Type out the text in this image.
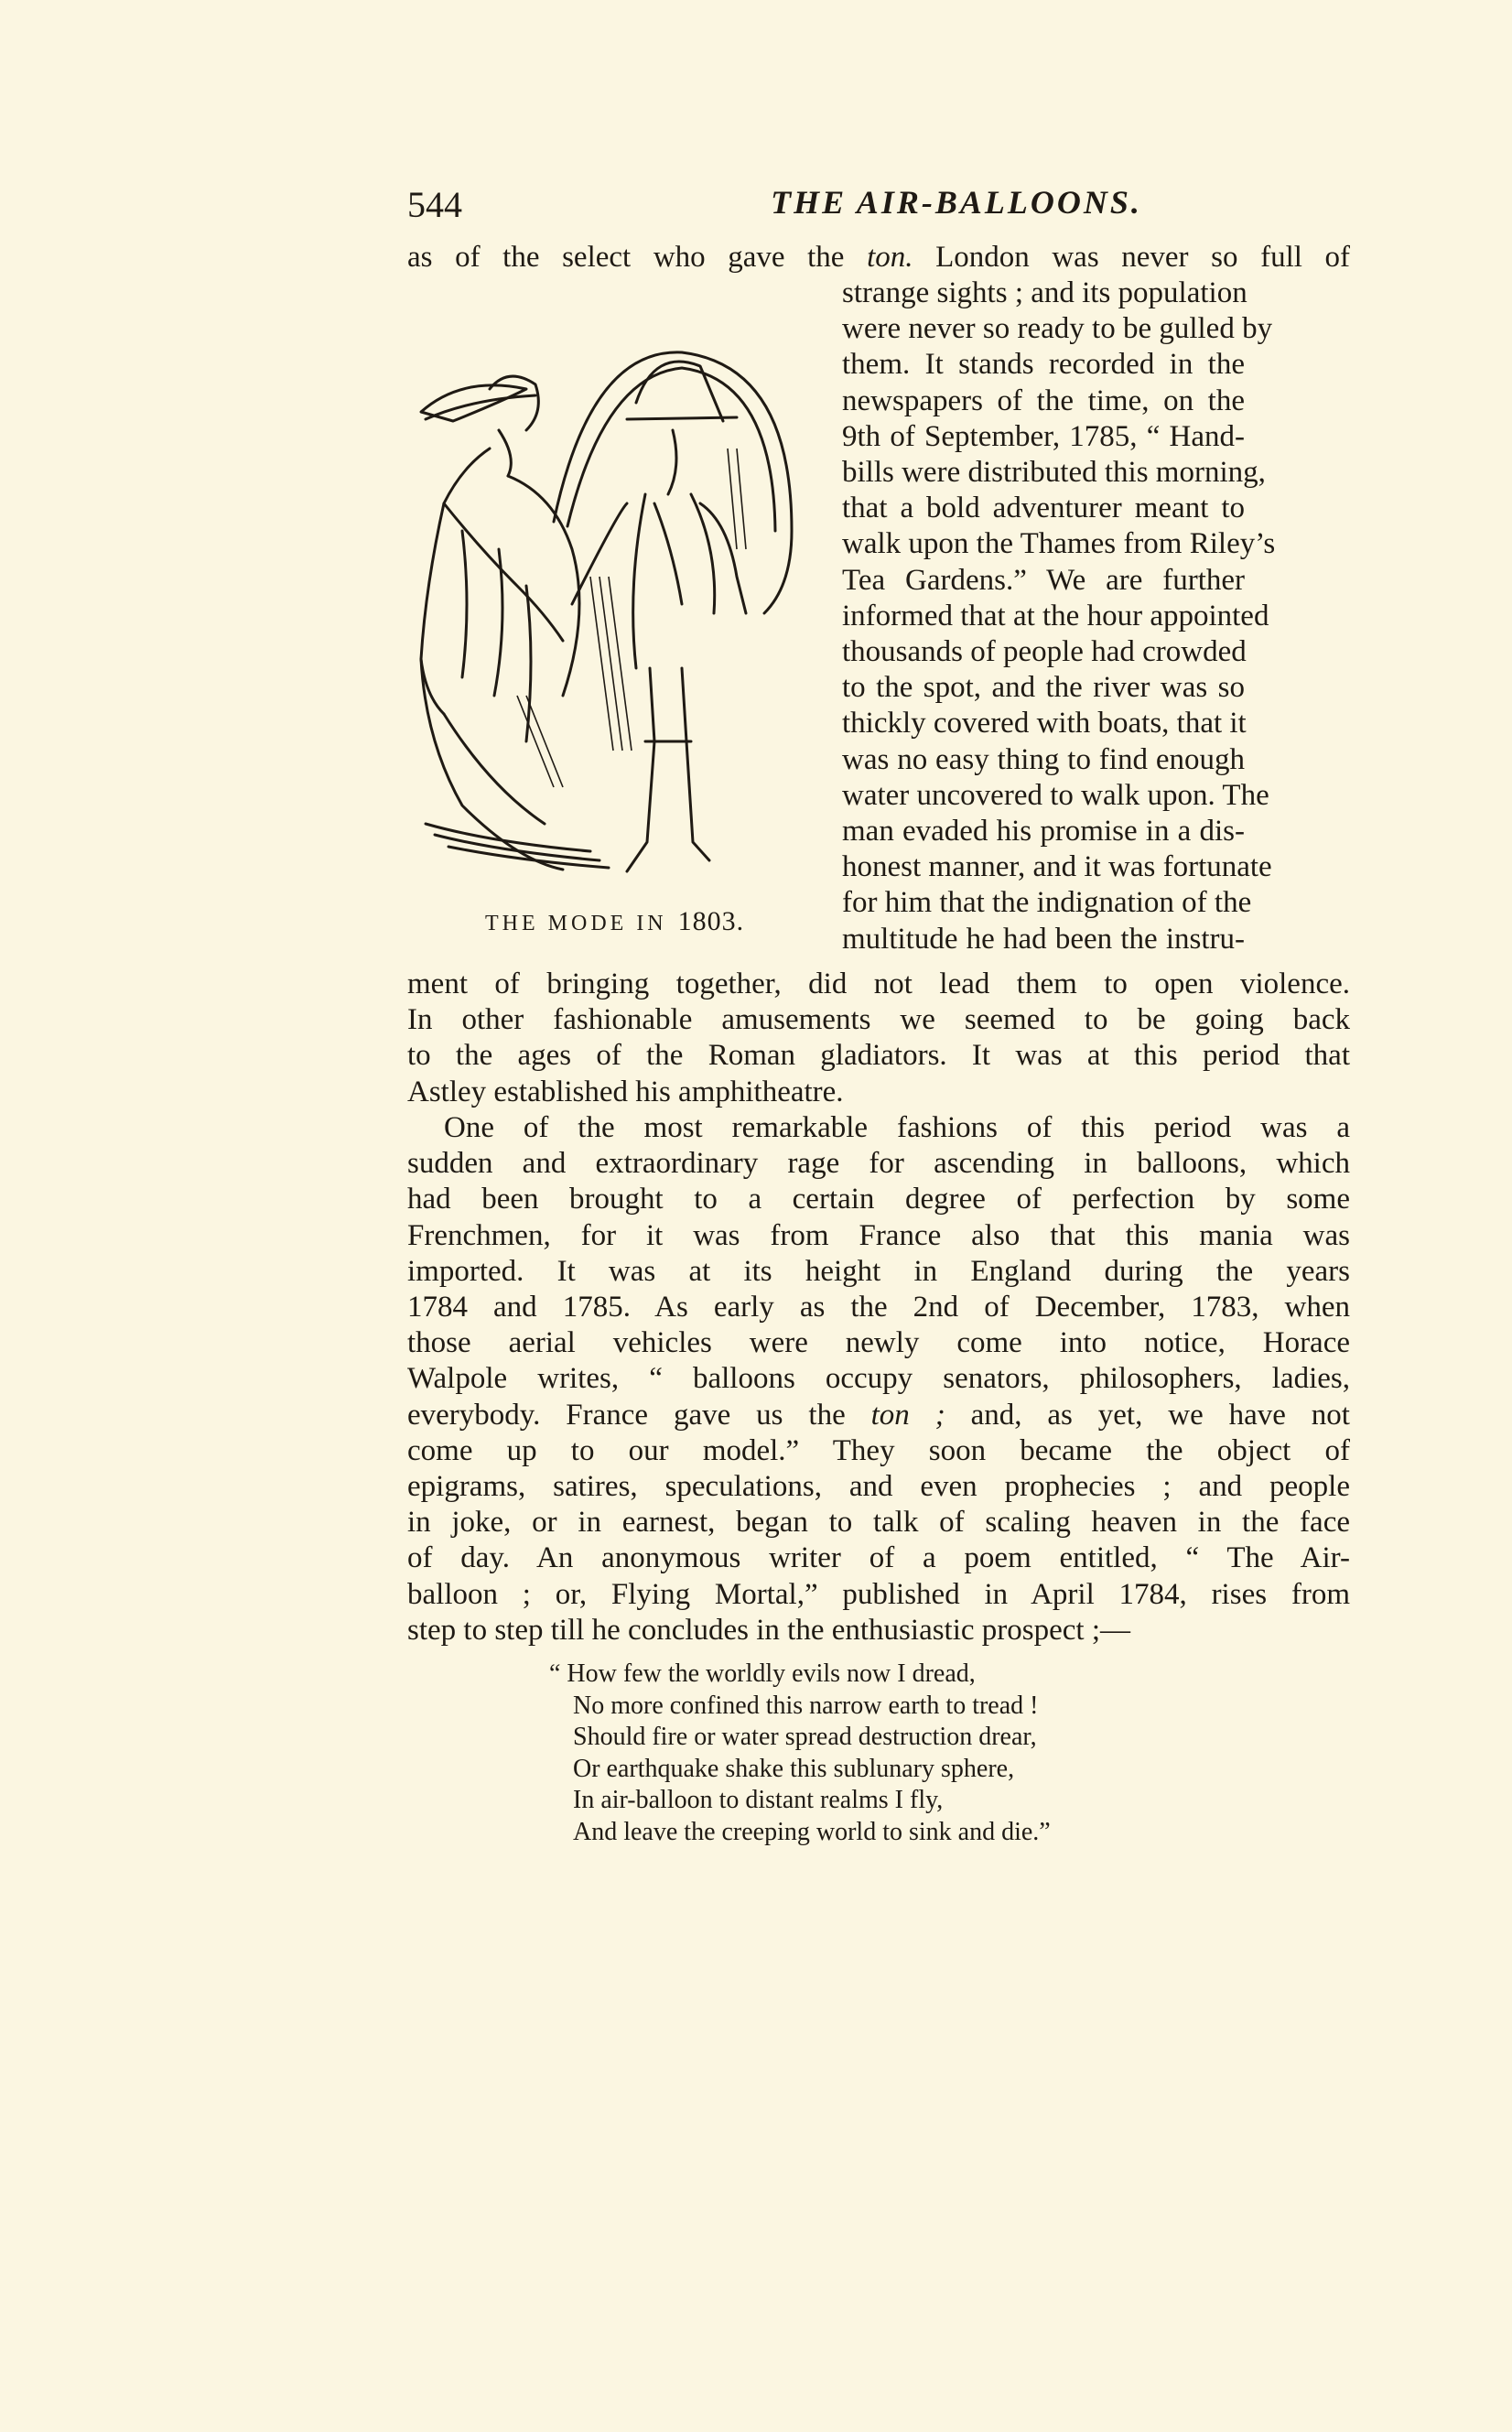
544	THE AIR-BALLOONS.
THE MODE IN 1803.
as of the select who gave the ton. London was never so full of
strange sights ; and its population
were never so ready to be gulled by
them. It stands recorded in the
newspapers of the time, on the
9th of September, 1785, “ Hand-
bills were distributed this morning,
that a bold adventurer meant to
walk upon the Thames from Riley’s
Tea Gardens.” We are further
informed that at the hour appointed
thousands of people had crowded
to the spot, and the river was so
thickly covered with boats, that it
was no easy thing to find enough
water uncovered to walk upon. The
man evaded his promise in a dis-
honest manner, and it was fortunate
for him that the indignation of the
multitude he had been the instru-
ment of bringing together, did not lead them to open violence.
In other fashionable amusements we seemed to be going back
to the ages of the Roman gladiators. It was at this period that
Astley established his amphitheatre.
One of the most remarkable fashions of this period was a
sudden and extraordinary rage for ascending in balloons, which
had been brought to a certain degree of perfection by some
Frenchmen, for it was from France also that this mania was
imported. It was at its height in England during the years
1784 and 1785. As early as the 2nd of December, 1783, when
those aerial vehicles were newly come into notice, Horace
Walpole writes, “ balloons occupy senators, philosophers, ladies,
everybody. France gave us the ton ; and, as yet, we have not
come up to our model.” They soon became the object of
epigrams, satires, speculations, and even prophecies ; and people
in joke, or in earnest, began to talk of scaling heaven in the face
of day. An anonymous writer of a poem entitled, “ The Air-
balloon ; or, Flying Mortal,” published in April 1784, rises from
step to step till he concludes in the enthusiastic prospect ;—
“ How few the worldly evils now I dread,
No more confined this narrow earth to tread !
Should fire or water spread destruction drear,
Or earthquake shake this sublunary sphere,
In air-balloon to distant realms I fly,
And leave the creeping world to sink and die.”
